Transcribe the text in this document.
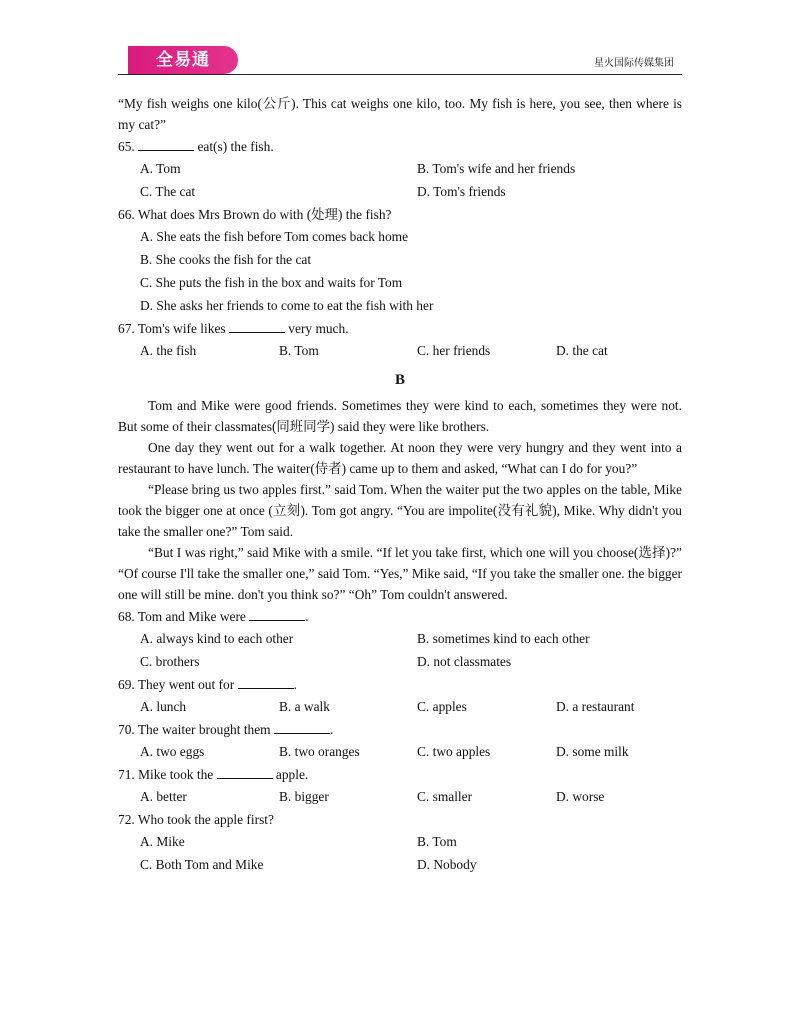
全易通	星火国际传媒集团

“My fish weighs one kilo(公斤). This cat weighs one kilo, too. My fish is here, you see, then where is my cat?”

65.	eat(s) the fish.

A. Tom	B. Tom's wife and her friends
C. The cat	D. Tom's friends

66. What does Mrs Brown do with (处理) the fish?

A. She eats the fish before Tom comes back home
B. She cooks the fish for the cat
C. She puts the fish in the box and waits for Tom
D. She asks her friends to come to eat the fish with her

67. Tom's wife likes	very much.

A. the fish	B. Tom	C. her friends	D. the cat
B

Tom and Mike were good friends. Sometimes they were kind to each, sometimes they were not. But some of their classmates(同班同学) said they were like brothers.

One day they went out for a walk together. At noon they were very hungry and they went into a restaurant to have lunch. The waiter(侍者) came up to them and asked, “What can I do for you?”

“Please bring us two apples first.” said Tom. When the waiter put the two apples on the table, Mike took the bigger one at once (立刻). Tom got angry. “You are impolite(没有礼貌), Mike. Why didn't you take the smaller one?” Tom said.

“But I was right,” said Mike with a smile. “If let you take first, which one will you choose(选择)?” “Of course I'll take the smaller one,” said Tom. “Yes,” Mike said, “If you take the smaller one. the bigger one will still be mine. don't you think so?” “Oh” Tom couldn't answered.

68. Tom and Mike were	.

A. always kind to each other	B. sometimes kind to each other
C. brothers	D. not classmates

69. They went out for	.

A. lunch	B. a walk	C. apples	D. a restaurant

70. The waiter brought them	.

A. two eggs	B. two oranges	C. two apples	D. some milk

71. Mike took the	apple.

A. better	B. bigger	C. smaller	D. worse

72. Who took the apple first?

A. Mike	B. Tom
C. Both Tom and Mike	D. Nobody
